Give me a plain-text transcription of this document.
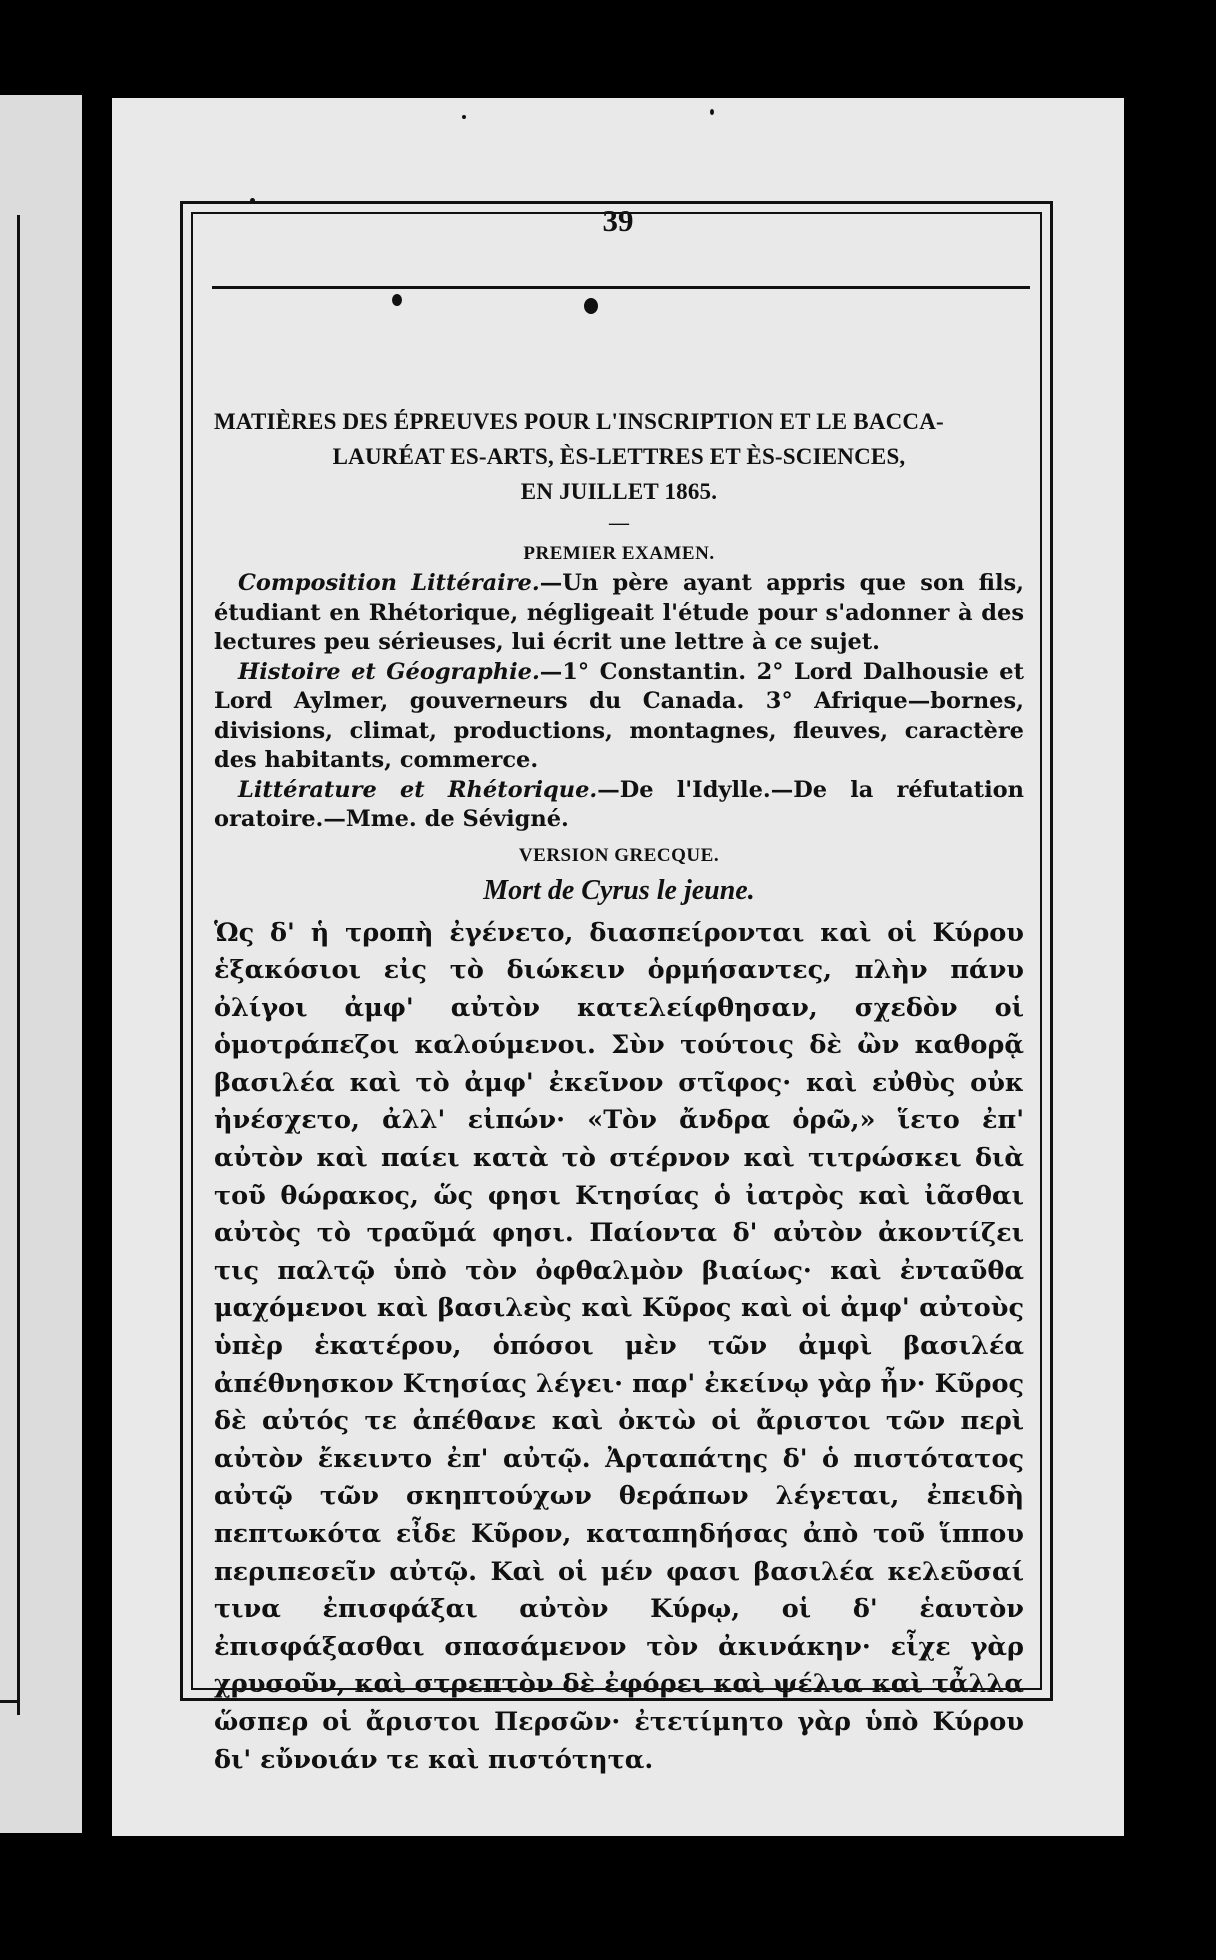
39
MATIÈRES DES ÉPREUVES POUR L'INSCRIPTION ET LE BACCA-
LAURÉAT ES-ARTS, ÈS-LETTRES ET ÈS-SCIENCES,
EN JUILLET 1865.
—
PREMIER EXAMEN.

Composition Littéraire.—Un père ayant appris que son fils, étudiant en Rhétorique, négligeait l'étude pour s'adonner à des lectures peu sérieuses, lui écrit une lettre à ce sujet.

Histoire et Géographie.—1° Constantin. 2° Lord Dalhousie et Lord Aylmer, gouverneurs du Canada. 3° Afrique—bornes, divisions, climat, productions, montagnes, fleuves, caractère des habitants, commerce.

Littérature et Rhétorique.—De l'Idylle.—De la réfutation oratoire.—Mme. de Sévigné.

VERSION GRECQUE.
Mort de Cyrus le jeune.

Ὡς δ' ἡ τροπὴ ἐγένετο, διασπείρονται καὶ οἱ Κύρου ἑξακόσιοι εἰς τὸ διώκειν ὁρμήσαντες, πλὴν πάνυ ὀλίγοι ἀμφ' αὐτὸν κατελείφθησαν, σχεδὸν οἱ ὁμοτράπεζοι καλούμενοι. Σὺν τούτοις δὲ ὢν καθορᾷ βασιλέα καὶ τὸ ἀμφ' ἐκεῖνον στῖφος· καὶ εὐθὺς οὐκ ἠνέσχετο, ἀλλ' εἰπών· «Τὸν ἄνδρα ὁρῶ,» ἵετο ἐπ' αὐτὸν καὶ παίει κατὰ τὸ στέρνον καὶ τιτρώσκει διὰ τοῦ θώρακος, ὥς φησι Κτησίας ὁ ἰατρὸς καὶ ἰᾶσθαι αὐτὸς τὸ τραῦμά φησι. Παίοντα δ' αὐτὸν ἀκοντίζει τις παλτῷ ὑπὸ τὸν ὀφθαλμὸν βιαίως· καὶ ἐνταῦθα μαχόμενοι καὶ βασιλεὺς καὶ Κῦρος καὶ οἱ ἀμφ' αὐτοὺς ὑπὲρ ἑκατέρου, ὁπόσοι μὲν τῶν ἀμφὶ βασιλέα ἀπέθνησκον Κτησίας λέγει· παρ' ἐκείνῳ γὰρ ἦν· Κῦρος δὲ αὐτός τε ἀπέθανε καὶ ὀκτὼ οἱ ἄριστοι τῶν περὶ αὐτὸν ἔκειντο ἐπ' αὐτῷ. Ἀρταπάτης δ' ὁ πιστότατος αὐτῷ τῶν σκηπτούχων θεράπων λέγεται, ἐπειδὴ πεπτωκότα εἶδε Κῦρον, καταπηδήσας ἀπὸ τοῦ ἵππου περιπεσεῖν αὐτῷ. Καὶ οἱ μέν φασι βασιλέα κελεῦσαί τινα ἐπισφάξαι αὐτὸν Κύρῳ, οἱ δ' ἑαυτὸν ἐπισφάξασθαι σπασάμενον τὸν ἀκινάκην· εἶχε γὰρ χρυσοῦν, καὶ στρεπτὸν δὲ ἐφόρει καὶ ψέλια καὶ τἆλλα ὥσπερ οἱ ἄριστοι Περσῶν· ἐτετίμητο γὰρ ὑπὸ Κύρου δι' εὔνοιάν τε καὶ πιστότητα.
